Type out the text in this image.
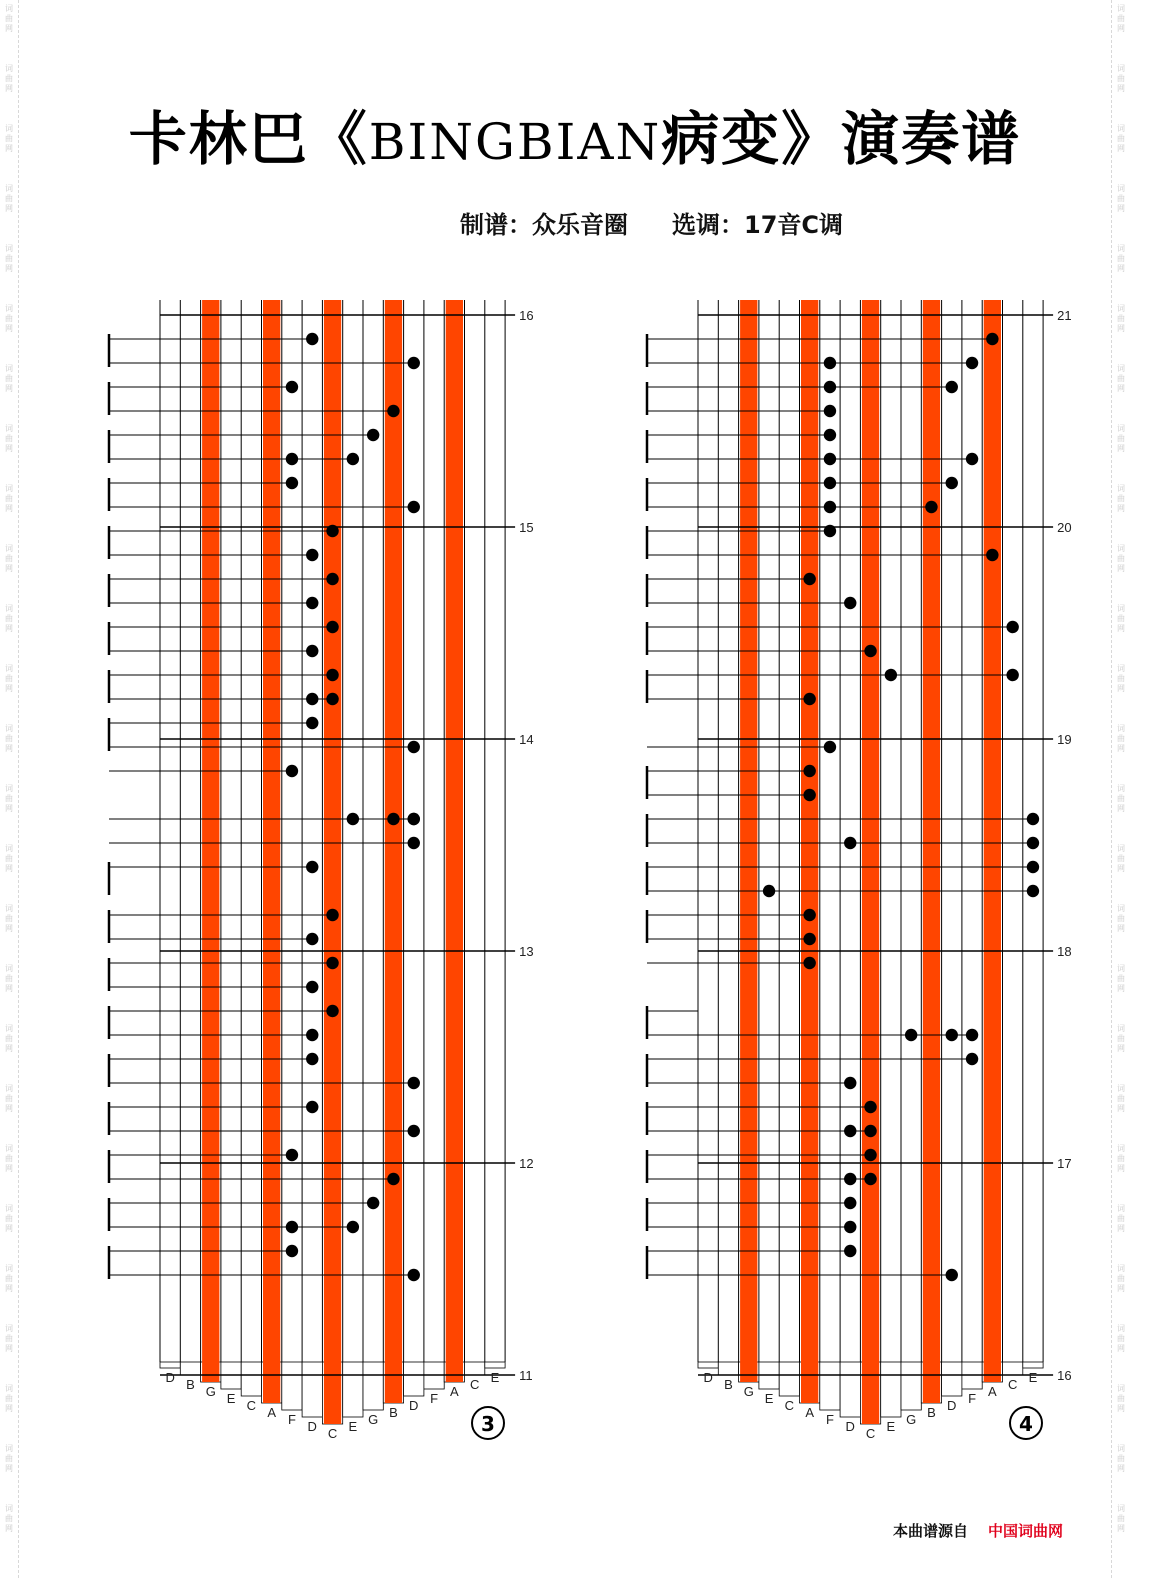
词
曲
网
词
曲
网
词
曲
网
词
曲
网
词
曲
网
词
曲
网
词
曲
网
词
曲
网
词
曲
网
词
曲
网
词
曲
网
词
曲
网
词
曲
网
词
曲
网
词
曲
网
词
曲
网
词
曲
网
词
曲
网
词
曲
网
词
曲
网
词
曲
网
词
曲
网
词
曲
网
词
曲
网
词
曲
网
词
曲
网
词
曲
网
词
曲
网
词
曲
网
词
曲
网
词
曲
网
词
曲
网
词
曲
网
词
曲
网
词
曲
网
词
曲
网
词
曲
网
词
曲
网
词
曲
网
词
曲
网
词
曲
网
词
曲
网
词
曲
网
词
曲
网
词
曲
网
词
曲
网
词
曲
网
词
曲
网
词
曲
网
词
曲
网
词
曲
网
词
曲
网
卡林巴《BINGBIAN病变》演奏谱
制谱：众乐音圈 选调：17音C调
16
15
14
13
12
11
D B G E C A F D C E G B D F A C E
3
21
20
19
18
17
16
D B G E C A F D C E G B D F A C E
4
本曲谱源自 中国词曲网
